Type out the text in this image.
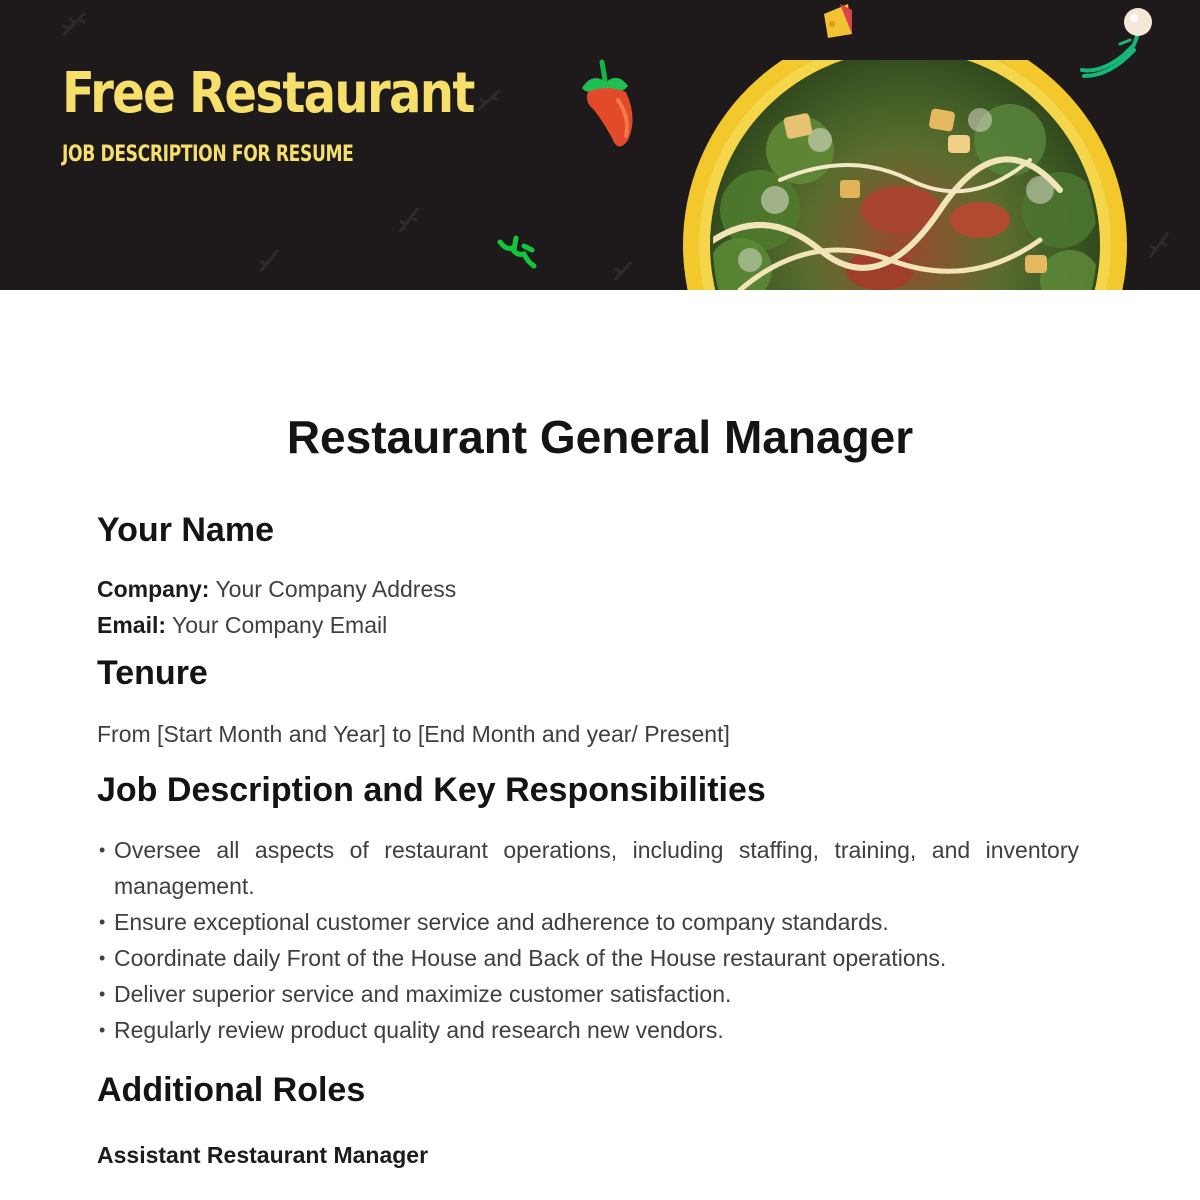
Free Restaurant
JOB DESCRIPTION FOR RESUME
Restaurant General Manager
Your Name
Company: Your Company Address
Email: Your Company Email
Tenure
From [Start Month and Year] to [End Month and year/ Present]
Job Description and Key Responsibilities
• Oversee all aspects of restaurant operations, including staffing, training, and inventory management.
• Ensure exceptional customer service and adherence to company standards.
• Coordinate daily Front of the House and Back of the House restaurant operations.
• Deliver superior service and maximize customer satisfaction.
• Regularly review product quality and research new vendors.
Additional Roles
Assistant Restaurant Manager
